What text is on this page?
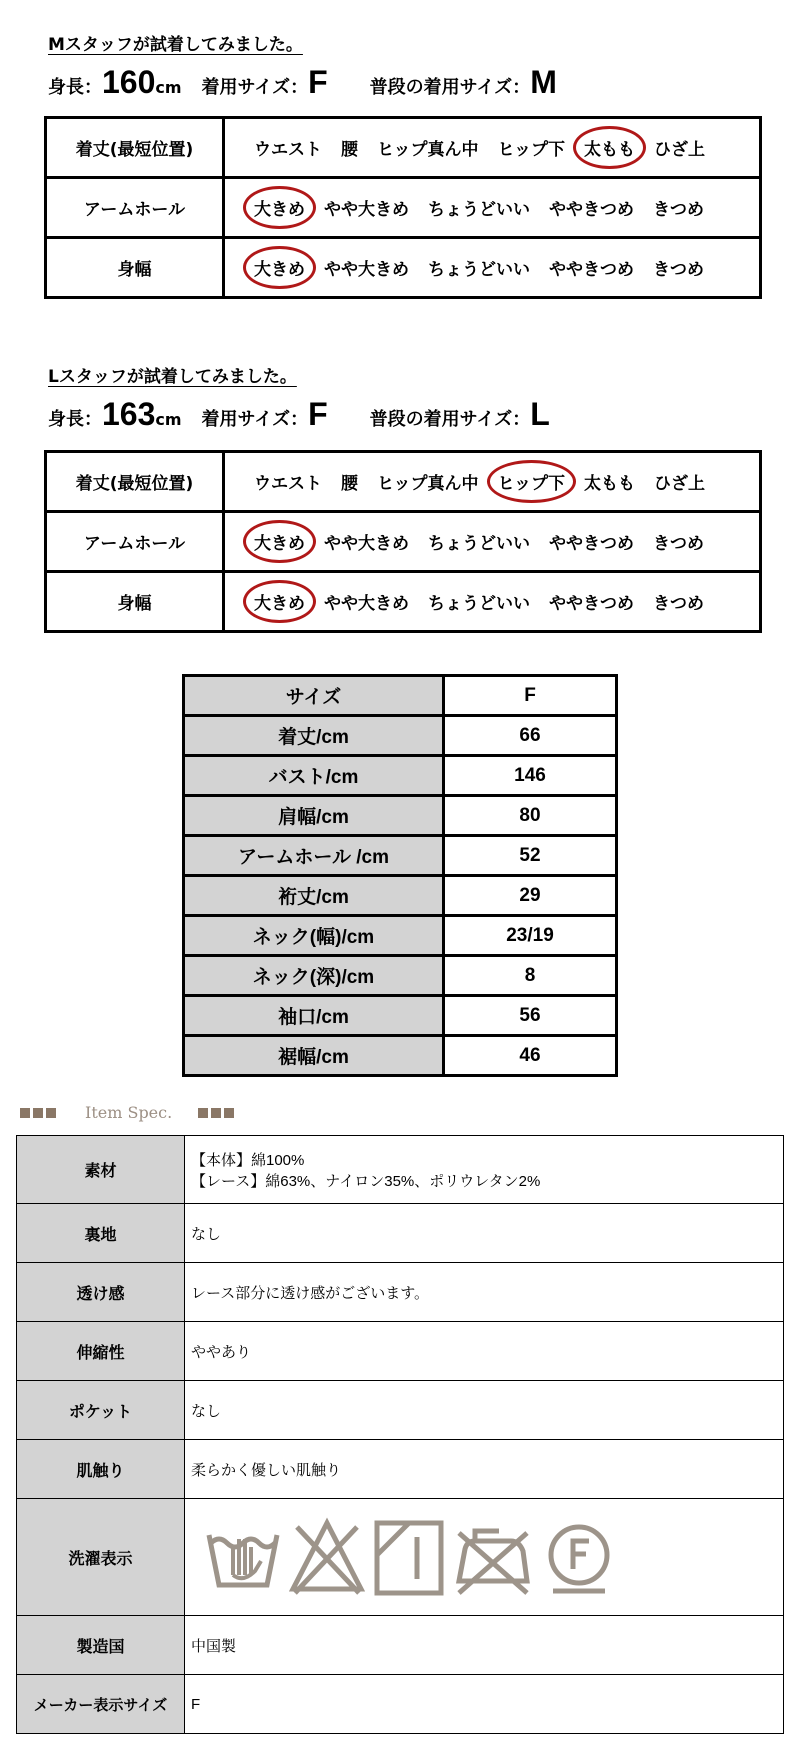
Mスタッフが試着してみました。
身長： 160 cm 着用サイズ： F 普段の着用サイズ： M
着丈(最短位置)	ウエスト　 腰　 ヒップ真ん中　 ヒップ下　 太もも　 ひざ上
アームホール	大きめ　 やや大きめ　 ちょうどいい　 ややきつめ　 きつめ
身幅	大きめ　 やや大きめ　 ちょうどいい　 ややきつめ　 きつめ
Lスタッフが試着してみました。
身長： 163 cm 着用サイズ： F 普段の着用サイズ： L
着丈(最短位置)	ウエスト　 腰　 ヒップ真ん中　 ヒップ下　 太もも　 ひざ上
アームホール	大きめ　 やや大きめ　 ちょうどいい　 ややきつめ　 きつめ
身幅	大きめ　 やや大きめ　 ちょうどいい　 ややきつめ　 きつめ
サイズ	F
着丈/cm	66
バスト/cm	146
肩幅/cm	80
アームホール /cm	52
裄丈/cm	29
ネック(幅)/cm	23/19
ネック(深)/cm	8
袖口/cm	56
裾幅/cm	46
Item Spec.
素材	【本体】綿100%
【レース】綿63%、ナイロン35%、ポリウレタン2%

裏地	なし
透け感	レース部分に透け感がございます。
伸縮性	ややあり
ポケット	なし
肌触り	柔らかく優しい肌触り
洗濯表示	

製造国	中国製
メーカー表示サイズ	F
